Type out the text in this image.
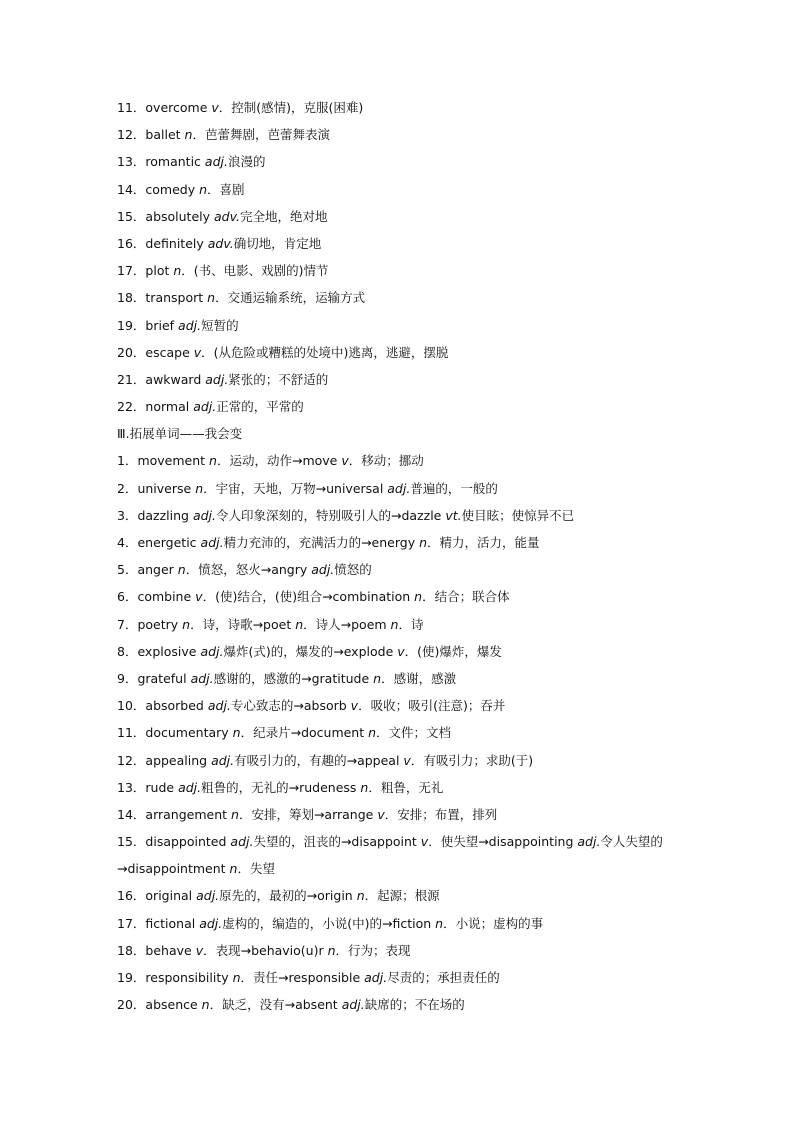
11．overcome v．控制(感情)，克服(困难)
12．ballet n．芭蕾舞剧，芭蕾舞表演
13．romantic adj.浪漫的
14．comedy n．喜剧
15．absolutely adv.完全地，绝对地
16．definitely adv.确切地，肯定地
17．plot n．(书、电影、戏剧的)情节
18．transport n．交通运输系统，运输方式
19．brief adj.短暂的
20．escape v．(从危险或糟糕的处境中)逃离，逃避，摆脱
21．awkward adj.紧张的；不舒适的
22．normal adj.正常的，平常的
Ⅲ.拓展单词——我会变
1．movement n．运动，动作→move v．移动；挪动
2．universe n．宇宙，天地，万物→universal adj.普遍的，一般的
3．dazzling adj.令人印象深刻的，特别吸引人的→dazzle vt.使目眩；使惊异不已
4．energetic adj.精力充沛的，充满活力的→energy n．精力，活力，能量
5．anger n．愤怒，怒火→angry adj.愤怒的
6．combine v．(使)结合，(使)组合→combination n．结合；联合体
7．poetry n．诗，诗歌→poet n．诗人→poem n．诗
8．explosive adj.爆炸(式)的，爆发的→explode v．(使)爆炸，爆发
9．grateful adj.感谢的，感激的→gratitude n．感谢，感激
10．absorbed adj.专心致志的→absorb v．吸收；吸引(注意)；吞并
11．documentary n．纪录片→document n．文件；文档
12．appealing adj.有吸引力的，有趣的→appeal v．有吸引力；求助(于)
13．rude adj.粗鲁的，无礼的→rudeness n．粗鲁，无礼
14．arrangement n．安排，筹划→arrange v．安排；布置，排列
15．disappointed adj.失望的，沮丧的→disappoint v．使失望→disappointing adj.令人失望的
→disappointment n．失望
16．original adj.原先的，最初的→origin n．起源；根源
17．fictional adj.虚构的，编造的，小说(中)的→fiction n．小说；虚构的事
18．behave v．表现→behavio(u)r n．行为；表现
19．responsibility n．责任→responsible adj.尽责的；承担责任的
20．absence n．缺乏，没有→absent adj.缺席的；不在场的
